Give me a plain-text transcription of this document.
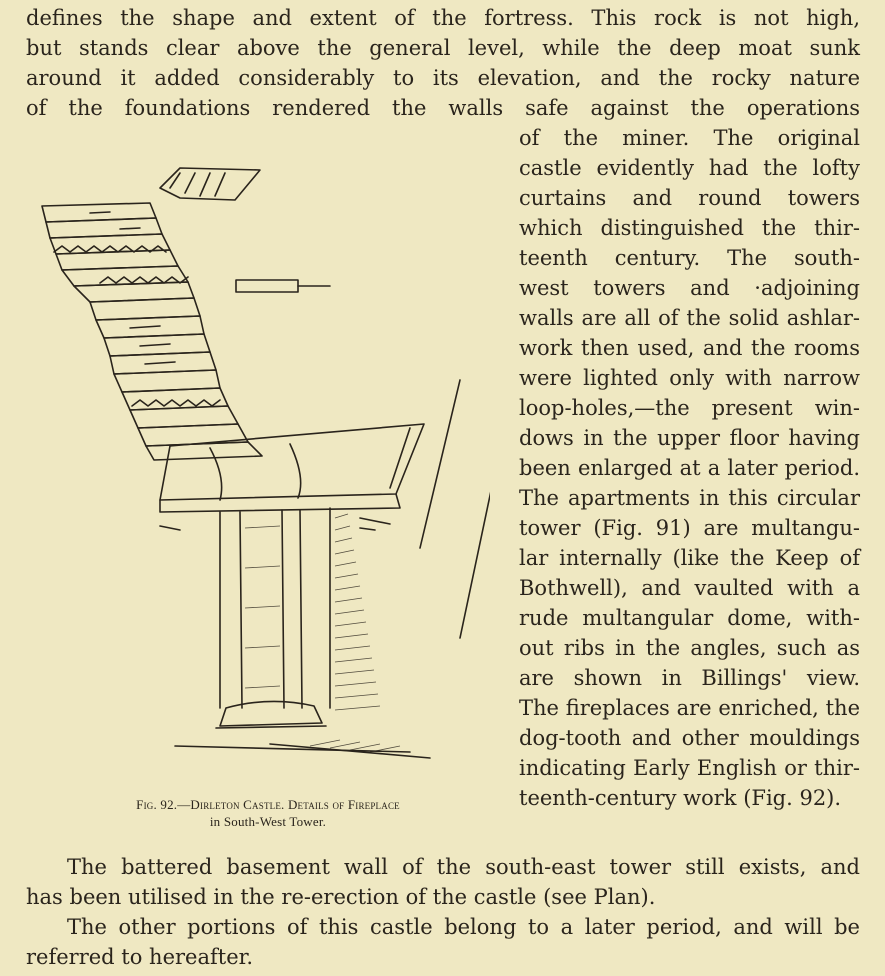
defines the shape and extent of the fortress. This rock is not high,
but stands clear above the general level, while the deep moat sunk
around it added considerably to its elevation, and the rocky nature
of the foundations rendered the walls safe against the operations
of the miner. The original
castle evidently had the lofty
curtains and round towers
which distinguished the thir-
teenth century. The south-
west towers and ·adjoining
walls are all of the solid ashlar-
work then used, and the rooms
were lighted only with narrow
loop-holes,—the present win-
dows in the upper floor having
been enlarged at a later period.
The apartments in this circular
tower (Fig. 91) are multangu-
lar internally (like the Keep of
Bothwell), and vaulted with a
rude multangular dome, with-
out ribs in the angles, such as
are shown in Billings' view.
The fireplaces are enriched, the
dog-tooth and other mouldings
indicating Early English or thir-
teenth-century work (Fig. 92).
Fig. 92.—Dirleton Castle. Details of Fireplace
in South-West Tower.
The battered basement wall of the south-east tower still exists, and
has been utilised in the re-erection of the castle (see Plan).
The other portions of this castle belong to a later period, and will be
referred to hereafter.
